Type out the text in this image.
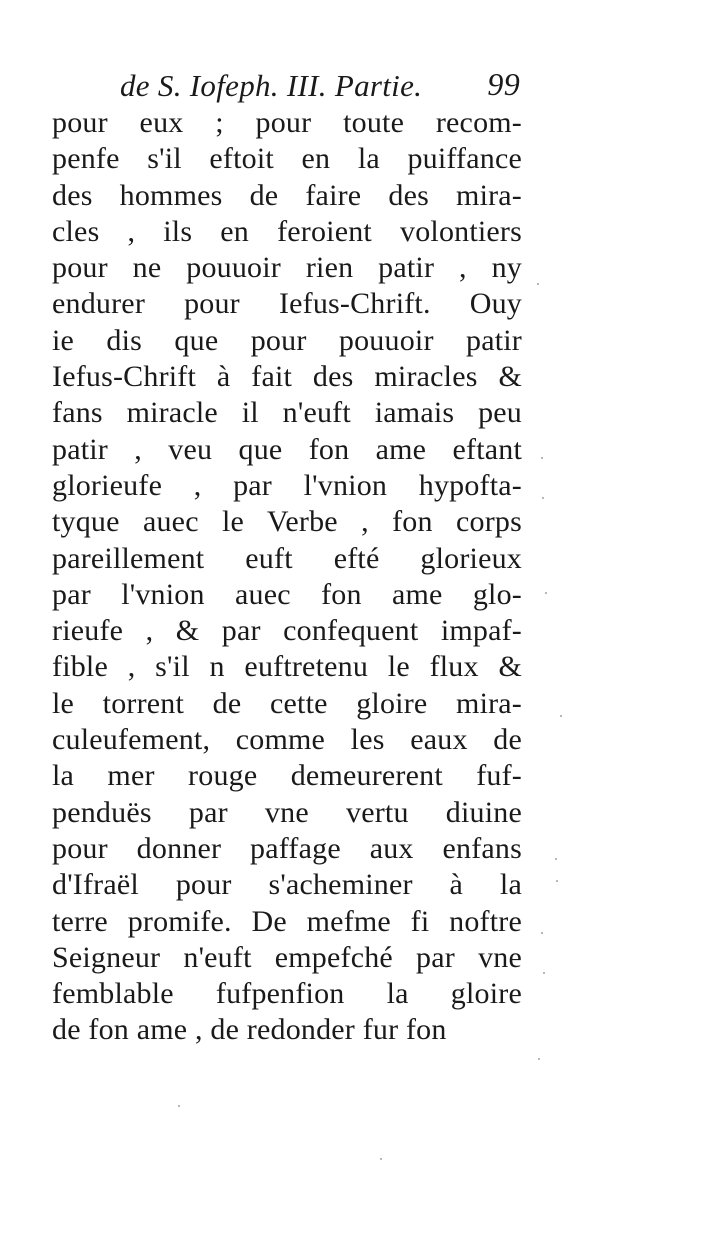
de S. Iofeph. III. Partie. 99
pour eux ; pour toute recom-
penfe s'il eftoit en la puiffance
des hommes de faire des mira-
cles , ils en feroient volontiers
pour ne pouuoir rien patir , ny
endurer pour Iefus-Chrift. Ouy
ie dis que pour pouuoir patir
Iefus-Chrift à fait des miracles &
fans miracle il n'euft iamais peu
patir , veu que fon ame eftant
glorieufe , par l'vnion hypofta-
tyque auec le Verbe , fon corps
pareillement euft efté glorieux
par l'vnion auec fon ame glo-
rieufe , & par confequent impaf-
fible , s'il n euftretenu le flux &
le torrent de cette gloire mira-
culeufement, comme les eaux de
la mer rouge demeurerent fuf-
penduës par vne vertu diuine
pour donner paffage aux enfans
d'Ifraël pour s'acheminer à la
terre promife. De mefme fi noftre
Seigneur n'euft empefché par vne
femblable fufpenfion la gloire
de fon ame , de redonder fur fon
